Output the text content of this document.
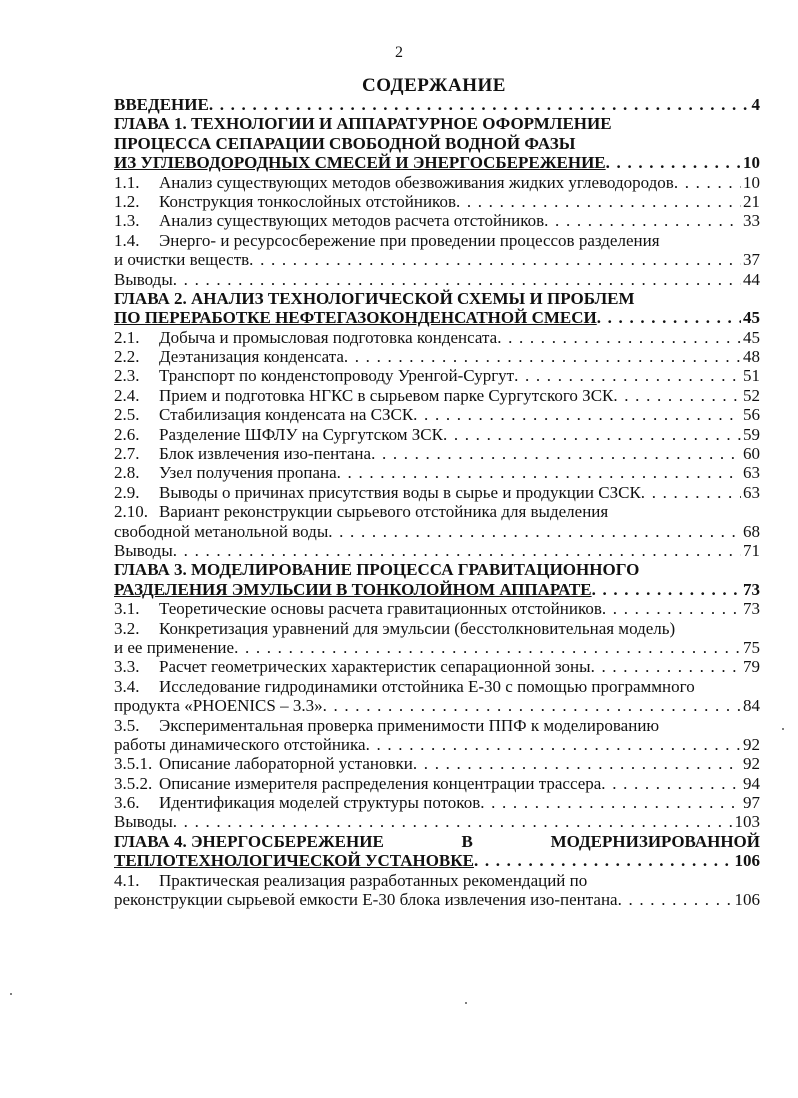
2
СОДЕРЖАНИЕ
ВВЕДЕНИЕ . . .	4
ГЛАВА 1. ТЕХНОЛОГИИ И АППАРАТУРНОЕ ОФОРМЛЕНИЕ
ПРОЦЕССА СЕПАРАЦИИ СВОБОДНОЙ ВОДНОЙ ФАЗЫ
ИЗ УГЛЕВОДОРОДНЫХ СМЕСЕЙ И ЭНЕРГОСБЕРЕЖЕНИЕ . . .	10
1.1.	Анализ существующих методов обезвоживания жидких углеводородов . . .	10
1.2.	Конструкция тонкослойных отстойников . . .	21
1.3.	Анализ существующих методов расчета отстойников . . .	33
1.4.	Энерго- и ресурсосбережение при проведении процессов разделения
и очистки веществ . . .	37
Выводы . . .	44
ГЛАВА 2. АНАЛИЗ ТЕХНОЛОГИЧЕСКОЙ СХЕМЫ И ПРОБЛЕМ
ПО ПЕРЕРАБОТКЕ НЕФТЕГАЗОКОНДЕНСАТНОЙ СМЕСИ . . .	45
2.1.	Добыча и промысловая подготовка конденсата . . .	45
2.2.	Деэтанизация конденсата . . .	48
2.3.	Транспорт по конденстопроводу Уренгой-Сургут . . .	51
2.4.	Прием и подготовка НГКС в сырьевом парке Сургутского ЗСК . . .	52
2.5.	Стабилизация конденсата на СЗСК . . .	56
2.6.	Разделение ШФЛУ на Сургутском ЗСК . . .	59
2.7.	Блок извлечения изо-пентана . . .	60
2.8.	Узел получения пропана . . .	63
2.9.	Выводы о причинах присутствия воды в сырье и продукции СЗСК . . .	63
2.10. Вариант реконструкции сырьевого отстойника для выделения
свободной метанольной воды . . .	68
Выводы . . .	71
ГЛАВА 3. МОДЕЛИРОВАНИЕ ПРОЦЕССА ГРАВИТАЦИОННОГО
РАЗДЕЛЕНИЯ ЭМУЛЬСИИ В ТОНКОЛОЙНОМ АППАРАТЕ . . .	73
3.1.	Теоретические основы расчета гравитационных отстойников . . .	73
3.2.	Конкретизация уравнений для эмульсии (бесстолкновительная модель)
и ее применение . . .	75
3.3.	Расчет геометрических характеристик сепарационной зоны . . .	79
3.4.	Исследование гидродинамики отстойника Е-30 с помощью программного
продукта «PHOENICS – 3.3» . . .	84
3.5.	Экспериментальная проверка применимости ППФ к моделированию
работы динамического отстойника . . .	92
3.5.1. Описание лабораторной установки . . .	92
3.5.2. Описание измерителя распределения концентрации трассера . . .	94
3.6.	Идентификация моделей структуры потоков . . .	97
Выводы . . .	103
ГЛАВА 4. ЭНЕРГОСБЕРЕЖЕНИЕ	В	МОДЕРНИЗИРОВАННОЙ
ТЕПЛОТЕХНОЛОГИЧЕСКОЙ УСТАНОВКЕ . . .	106
4.1.	Практическая реализация разработанных рекомендаций по
реконструкции сырьевой емкости Е-30 блока извлечения изо-пентана . . .	106
